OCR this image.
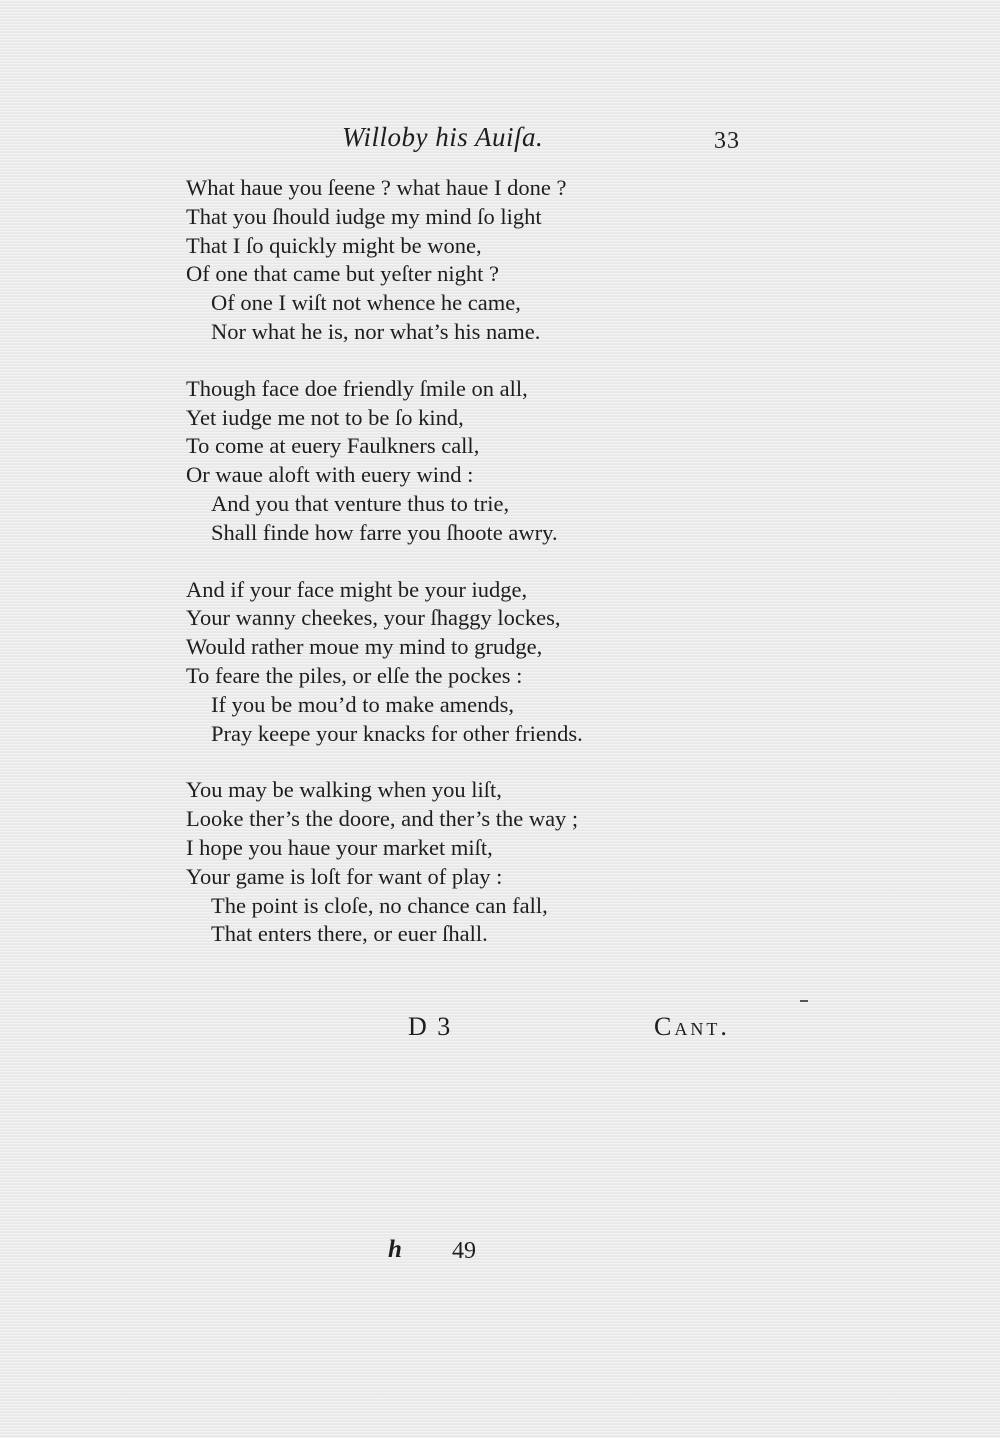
Willoby his Auiſa.	33
What haue you ſeene ? what haue I done ?
That you ſhould iudge my mind ſo light
That I ſo quickly might be wone,
Of one that came but yeſter night ?
Of one I wiſt not whence he came,
Nor what he is, nor what’s his name.
Though face doe friendly ſmile on all,
Yet iudge me not to be ſo kind,
To come at euery Faulkners call,
Or waue aloft with euery wind :
And you that venture thus to trie,
Shall finde how farre you ſhoote awry.
And if your face might be your iudge,
Your wanny cheekes, your ſhaggy lockes,
Would rather moue my mind to grudge,
To feare the piles, or elſe the pockes :
If you be mou’d to make amends,
Pray keepe your knacks for other friends.
You may be walking when you liſt,
Looke ther’s the doore, and ther’s the way ;
I hope you haue your market miſt,
Your game is loſt for want of play :
The point is cloſe, no chance can fall,
That enters there, or euer ſhall.
D 3	Cant.
h 49
